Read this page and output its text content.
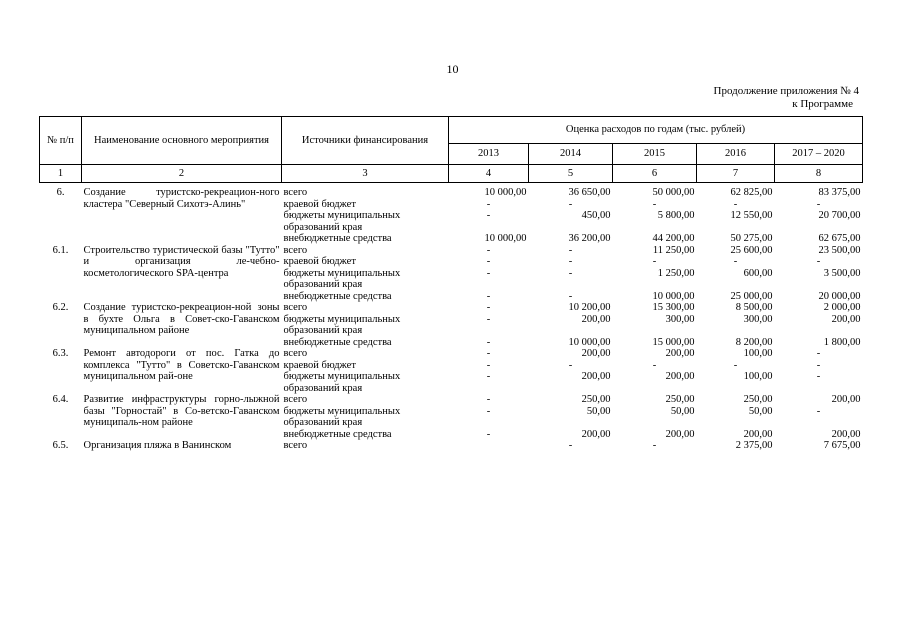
10
Продолжение приложения № 4
к Программе
№ п/п	Наименование основного мероприятия	Источники финансирования	Оценка расходов по годам (тыс. рублей)				
			2013	2014	2015	2016	2017 – 2020
1	2	3	4	5	6	7	8
6.	Создание туристско-рекреацион-ного кластера "Северный Сихотэ-Алинь"	всего	10 000,00	36 650,00	50 000,00	62 825,00	83 375,00
		краевой бюджет	-	-	-	-	-
		бюджеты муниципальных образований края	-	450,00	5 800,00	12 550,00	20 700,00
		внебюджетные средства	10 000,00	36 200,00	44 200,00	50 275,00	62 675,00
6.1.	Строительство туристической базы "Тутто" и организация ле-чебно-косметологического SPA-центра	всего	-	-	11 250,00	25 600,00	23 500,00
		краевой бюджет	-	-	-	-	-
		бюджеты муниципальных образований края	-	-	1 250,00	600,00	3 500,00
		внебюджетные средства	-	-	10 000,00	25 000,00	20 000,00
6.2.	Создание туристско-рекреацион-ной зоны в бухте Ольга в Совет-ско-Гаванском муниципальном районе	всего	-	10 200,00	15 300,00	8 500,00	2 000,00
		бюджеты муниципальных образований края	-	200,00	300,00	300,00	200,00
		внебюджетные средства	-	10 000,00	15 000,00	8 200,00	1 800,00
6.3.	Ремонт автодороги от пос. Гатка до комплекса "Тутто" в Советско-Гаванском муниципальном рай-оне	всего	-	200,00	200,00	100,00	-
		краевой бюджет	-	-	-	-	-
		бюджеты муниципальных образований края	-	200,00	200,00	100,00	-
6.4.	Развитие инфраструктуры горно-лыжной базы "Горностай" в Со-ветско-Гаванском муниципаль-ном районе	всего	-	250,00	250,00	250,00	200,00
		бюджеты муниципальных образований края	-	50,00	50,00	50,00	-
		внебюджетные средства	-	200,00	200,00	200,00	200,00
6.5.	Организация пляжа в Ванинском	всего		-	-	2 375,00	7 675,00
